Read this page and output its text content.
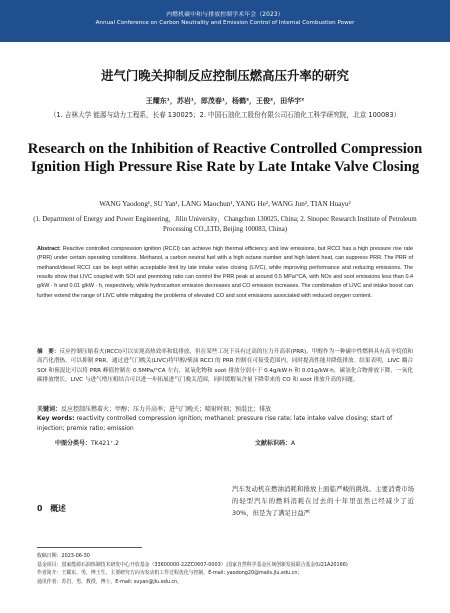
内燃机碳中和与排放控制学术年会（2023）
Annual Conference on Carbon Neutrality and Emission Control of Internal Combustion Power
进气门晚关抑制反应控制压燃高压升率的研究
王耀东¹，苏岩¹，郎茂春¹，杨鹤²，王俊²，田华宇²
（1. 吉林大学 能源与动力工程系，长春 130025；2. 中国石油化工股份有限公司石油化工科学研究院，北京 100083）
Research on the Inhibition of Reactive Controlled Compression Ignition High Pressure Rise Rate by Late Intake Valve Closing
WANG Yaodong¹, SU Yan¹, LANG Maochun¹, YANG He², WANG Jun², TIAN Huayu²
(1. Department of Energy and Power Engineering，Jilin University，Changchun 130025, China; 2. Sinopec Research Institute of Petroleum Processing CO.,LTD, Beijing 100083, China)
Abstract: Reactive controlled compression ignition (RCCI) can achieve high thermal efficiency and low emissions, but RCCI has a high pressure rise rate (PRR) under certain operating conditions. Methanol, a carbon neutral fuel with a high octane number and high latent heat, can suppress PRR. The PRR of methanol/diesel RCCI can be kept within acceptable limit by late intake valve closing (LIVC), while improving performance and reducing emissions. The results show that LIVC coupled with SOI and premixing ratio can control the PRR peak at around 0.5 MPa/°CA, with NOx and soot emissions less than 0.4 g/kW · h and 0.01 g/kW · h, respectively, while hydrocarbon emission decreases and CO emission increases. The combination of LIVC and intake boost can further extend the range of LIVC while mitigating the problems of elevated CO and soot emissions associated with reduced oxygen content.
摘　要：反应控制压缩着火(RCCI)可以实现高热效率和低排放，但在某些工况下具有过高的压力升高率(PRR)。甲醇作为一种碳中性燃料具有高辛烷值和高汽化潜热，可以抑制 PRR。通过进气门晚关(LIVC)将甲醇/柴油 RCCI 的 PRR 控制在可接受范围内，同时提高性能并降低排放。结果表明，LIVC 耦合 SOI 和预混比可以将 PRR 峰值控制在 0.5MPa/°CA 左右，氮氧化物和 soot 排放分别小于 0.4g/kW·h 和 0.01g/kW·h，碳氢化合物排放下降，一氧化碳排放增长。LIVC 与进气增压相结合可以进一步拓展进气门晚关范围，同时缓解氧含量下降带来的 CO 和 soot 排放升高的问题。
关键词：反应控制压燃着火；甲醇；压力升高率；进气门晚关；喷射时刻；预混比；排放
Key words: reactivity controlled compression ignition; methanol; pressure rise rate; late intake valve closing; start of injection; premix ratio; emission
中图分类号：TK421⁺.2	文献标识码：A
0　概述
汽车发动机在燃油消耗和排放上面临严峻的挑战。主要消费市场的轻型汽车的燃料消耗在过去的十年里虽然已经减少了近 30%，但是为了满足日益严
收稿日期：2023-06-30
基金项目：国家能源石油炼制技术研发中心开放基金（33600000-22ZC0607-0003）;国家自然科学基金区域创新发展联合基金(U21A20166)
作者简介：王耀东，男，博士生，主要研究方向为发动机工作过程优化与控制，E-mail: yaodong20@mails.jlu.edu.cn；
通讯作者：苏岩，男，教授，博士，E-mail: suyan@jlu.edu.cn。
